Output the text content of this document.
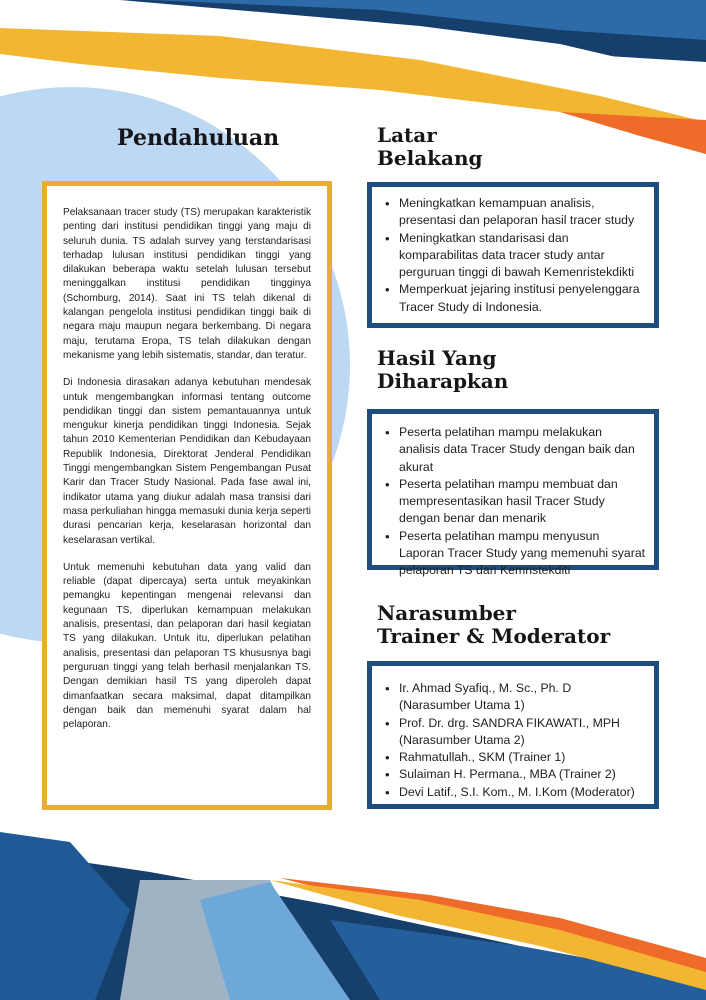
Pendahuluan

Pelaksanaan tracer study (TS) merupakan karakteristik penting dari institusi pendidikan tinggi yang maju di seluruh dunia. TS adalah survey yang terstandarisasi terhadap lulusan institusi pendidikan tinggi yang dilakukan beberapa waktu setelah lulusan tersebut meninggalkan institusi pendidikan tingginya (Schomburg, 2014). Saat ini TS telah dikenal di kalangan pengelola institusi pendidikan tinggi baik di negara maju maupun negara berkembang. Di negara maju, terutama Eropa, TS telah dilakukan dengan mekanisme yang lebih sistematis, standar, dan teratur.

Di Indonesia dirasakan adanya kebutuhan mendesak untuk mengembangkan informasi tentang outcome pendidikan tinggi dan sistem pemantauannya untuk mengukur kinerja pendidikan tinggi Indonesia. Sejak tahun 2010 Kementerian Pendidikan dan Kebudayaan Republik Indonesia, Direktorat Jenderal Pendidikan Tinggi mengembangkan Sistem Pengembangan Pusat Karir dan Tracer Study Nasional. Pada fase awal ini, indikator utama yang diukur adalah masa transisi dari masa perkuliahan hingga memasuki dunia kerja seperti durasi pencarian kerja, keselarasan horizontal dan keselarasan vertikal.

Untuk memenuhi kebutuhan data yang valid dan reliable (dapat dipercaya) serta untuk meyakinkan pemangku kepentingan mengenai relevansi dan kegunaan TS, diperlukan kemampuan melakukan analisis, presentasi, dan pelaporan dari hasil kegiatan TS yang dilakukan. Untuk itu, diperlukan pelatihan analisis, presentasi dan pelaporan TS khususnya bagi perguruan tinggi yang telah berhasil menjalankan TS. Dengan demikian hasil TS yang diperoleh dapat dimanfaatkan secara maksimal, dapat ditampilkan dengan baik dan memenuhi syarat dalam hal pelaporan.

Latar
Belakang
• Meningkatkan kemampuan analisis, presentasi dan pelaporan hasil tracer study
• Meningkatkan standarisasi dan komparabilitas data tracer study antar perguruan tinggi di bawah Kemenristekdikti
• Memperkuat jejaring institusi penyelenggara Tracer Study di Indonesia.
Hasil Yang
Diharapkan
• Peserta pelatihan mampu melakukan analisis data Tracer Study dengan baik dan akurat
• Peserta pelatihan mampu membuat dan mempresentasikan hasil Tracer Study dengan benar dan menarik
• Peserta pelatihan mampu menyusun Laporan Tracer Study yang memenuhi syarat pelaporan TS dari Kemristekditi
Narasumber
Trainer & Moderator
• Ir. Ahmad Syafiq., M. Sc., Ph. D (Narasumber Utama 1)
• Prof. Dr. drg. SANDRA FIKAWATI., MPH (Narasumber Utama 2)
• Rahmatullah., SKM (Trainer 1)
• Sulaiman H. Permana., MBA (Trainer 2)
• Devi Latif., S.I. Kom., M. I.Kom (Moderator)
